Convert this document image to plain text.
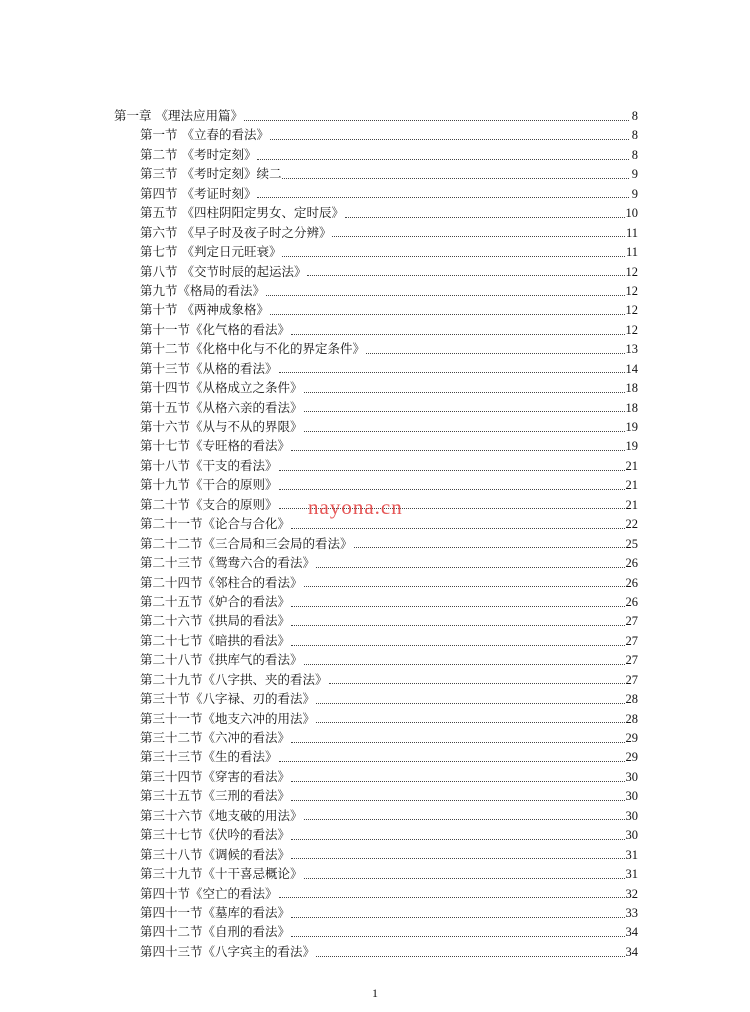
第一章 《理法应用篇》	8
第一节 《立春的看法》	8
第二节 《考时定刻》	8
第三节 《考时定刻》续二	9
第四节 《考证时刻》	9
第五节 《四柱阴阳定男女、定时辰》	10
第六节 《早子时及夜子时之分辨》	11
第七节 《判定日元旺衰》	11
第八节 《交节时辰的起运法》	12
第九节《格局的看法》	12
第十节 《两神成象格》	12
第十一节《化气格的看法》	12
第十二节《化格中化与不化的界定条件》	13
第十三节《从格的看法》	14
第十四节《从格成立之条件》	18
第十五节《从格六亲的看法》	18
第十六节《从与不从的界限》	19
第十七节《专旺格的看法》	19
第十八节《干支的看法》	21
第十九节《干合的原则》	21
第二十节《支合的原则》	21
第二十一节《论合与合化》	22
第二十二节《三合局和三会局的看法》	25
第二十三节《鸳鸯六合的看法》	26
第二十四节《邻柱合的看法》	26
第二十五节《妒合的看法》	26
第二十六节《拱局的看法》	27
第二十七节《暗拱的看法》	27
第二十八节《拱库气的看法》	27
第二十九节《八字拱、夹的看法》	27
第三十节《八字禄、刃的看法》	28
第三十一节《地支六冲的用法》	28
第三十二节《六冲的看法》	29
第三十三节《生的看法》	29
第三十四节《穿害的看法》	30
第三十五节《三刑的看法》	30
第三十六节《地支破的用法》	30
第三十七节《伏吟的看法》	30
第三十八节《调候的看法》	31
第三十九节《十干喜忌概论》	31
第四十节《空亡的看法》	32
第四十一节《墓库的看法》	33
第四十二节《自刑的看法》	34
第四十三节《八字宾主的看法》	34
nayona.cn
1
